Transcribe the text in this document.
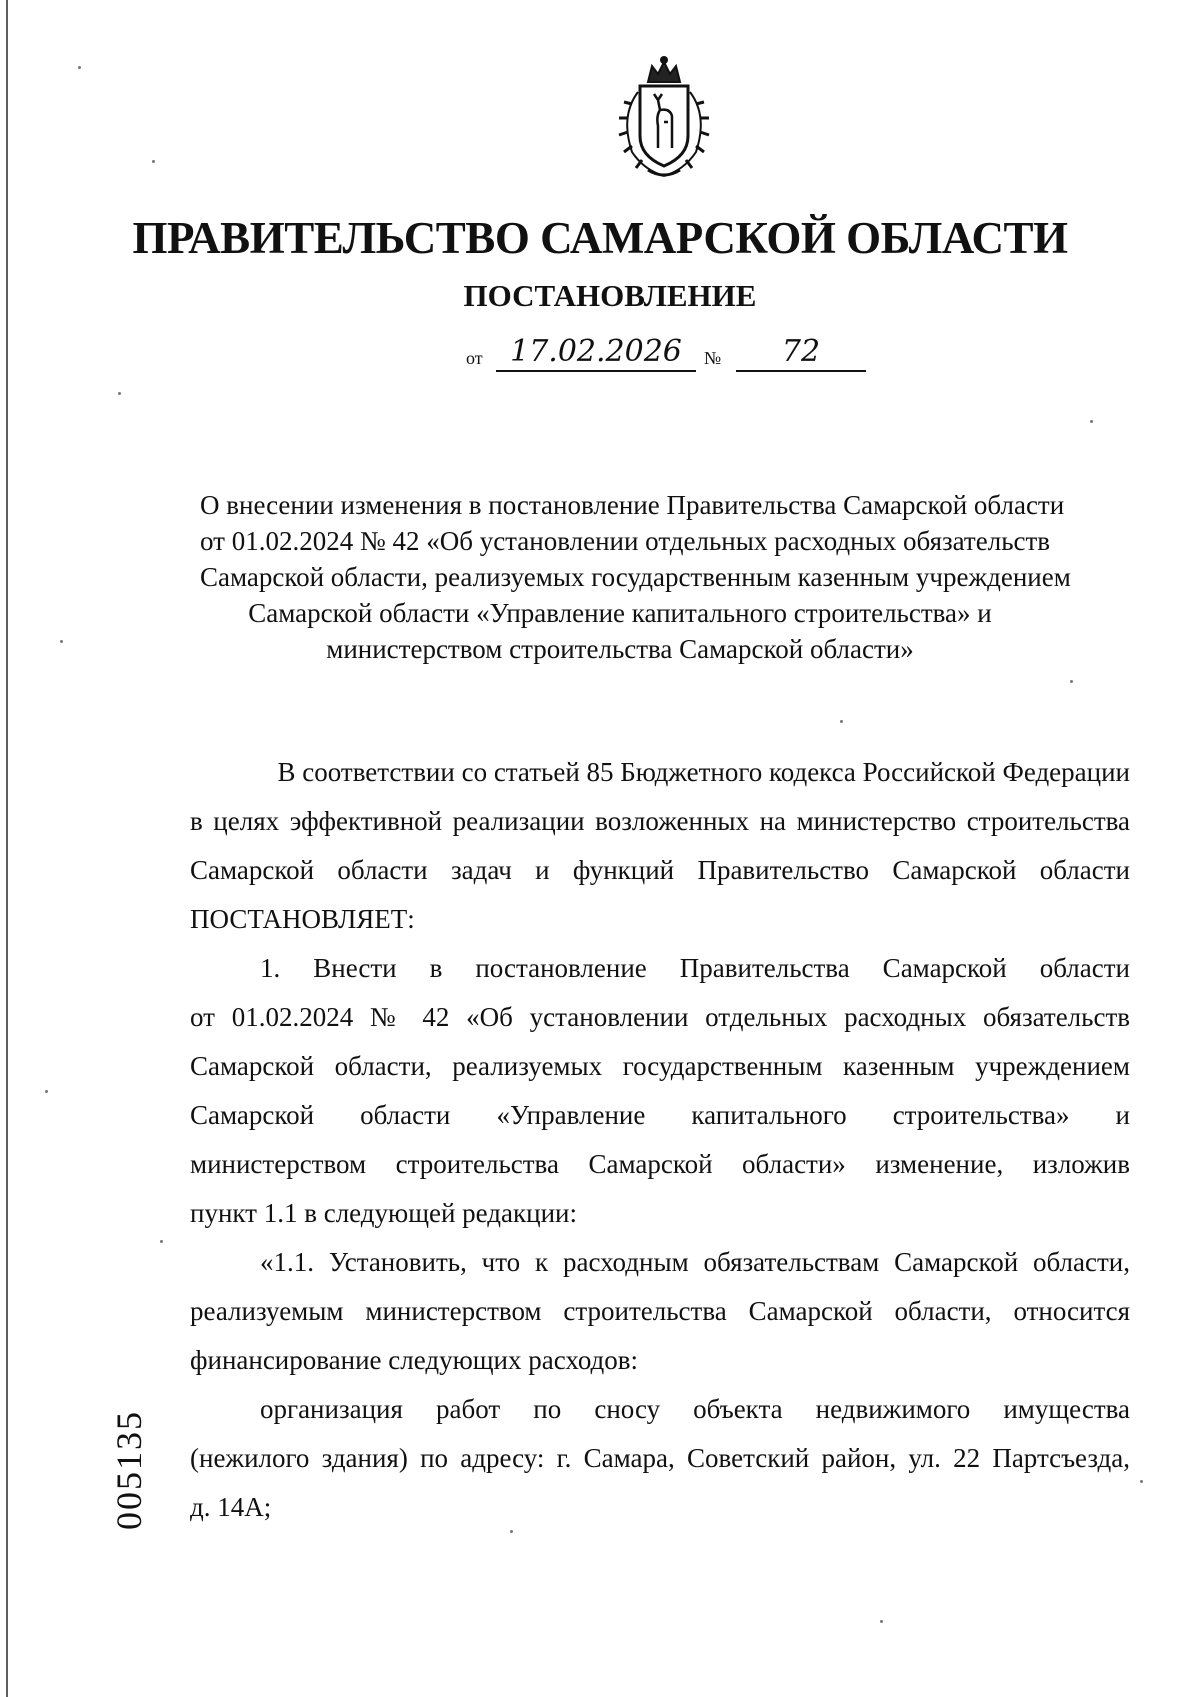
ПРАВИТЕЛЬСТВО САМАРСКОЙ ОБЛАСТИ
ПОСТАНОВЛЕНИЕ
от 17.02.2026	№	72

О внесении изменения в постановление Правительства Самарской области
от 01.02.2024 № 42 «Об установлении отдельных расходных обязательств
Самарской области, реализуемых государственным казенным учреждением
Самарской области «Управление капитального строительства» и
министерством строительства Самарской области»

В соответствии со статьей 85 Бюджетного кодекса Российской Федерации
в целях эффективной реализации возложенных на министерство строительства
Самарской области задач и функций Правительство Самарской области
ПОСТАНОВЛЯЕТ:
1. Внести в постановление Правительства Самарской области
от 01.02.2024 № 42 «Об установлении отдельных расходных обязательств
Самарской области, реализуемых государственным казенным учреждением
Самарской области «Управление капитального строительства» и
министерством строительства Самарской области» изменение, изложив
пункт 1.1 в следующей редакции:
«1.1. Установить, что к расходным обязательствам Самарской области,
реализуемым министерством строительства Самарской области, относится
финансирование следующих расходов:
организация работ по сносу объекта недвижимого имущества
(нежилого здания) по адресу: г. Самара, Советский район, ул. 22 Партсъезда,
д. 14А;
005135
